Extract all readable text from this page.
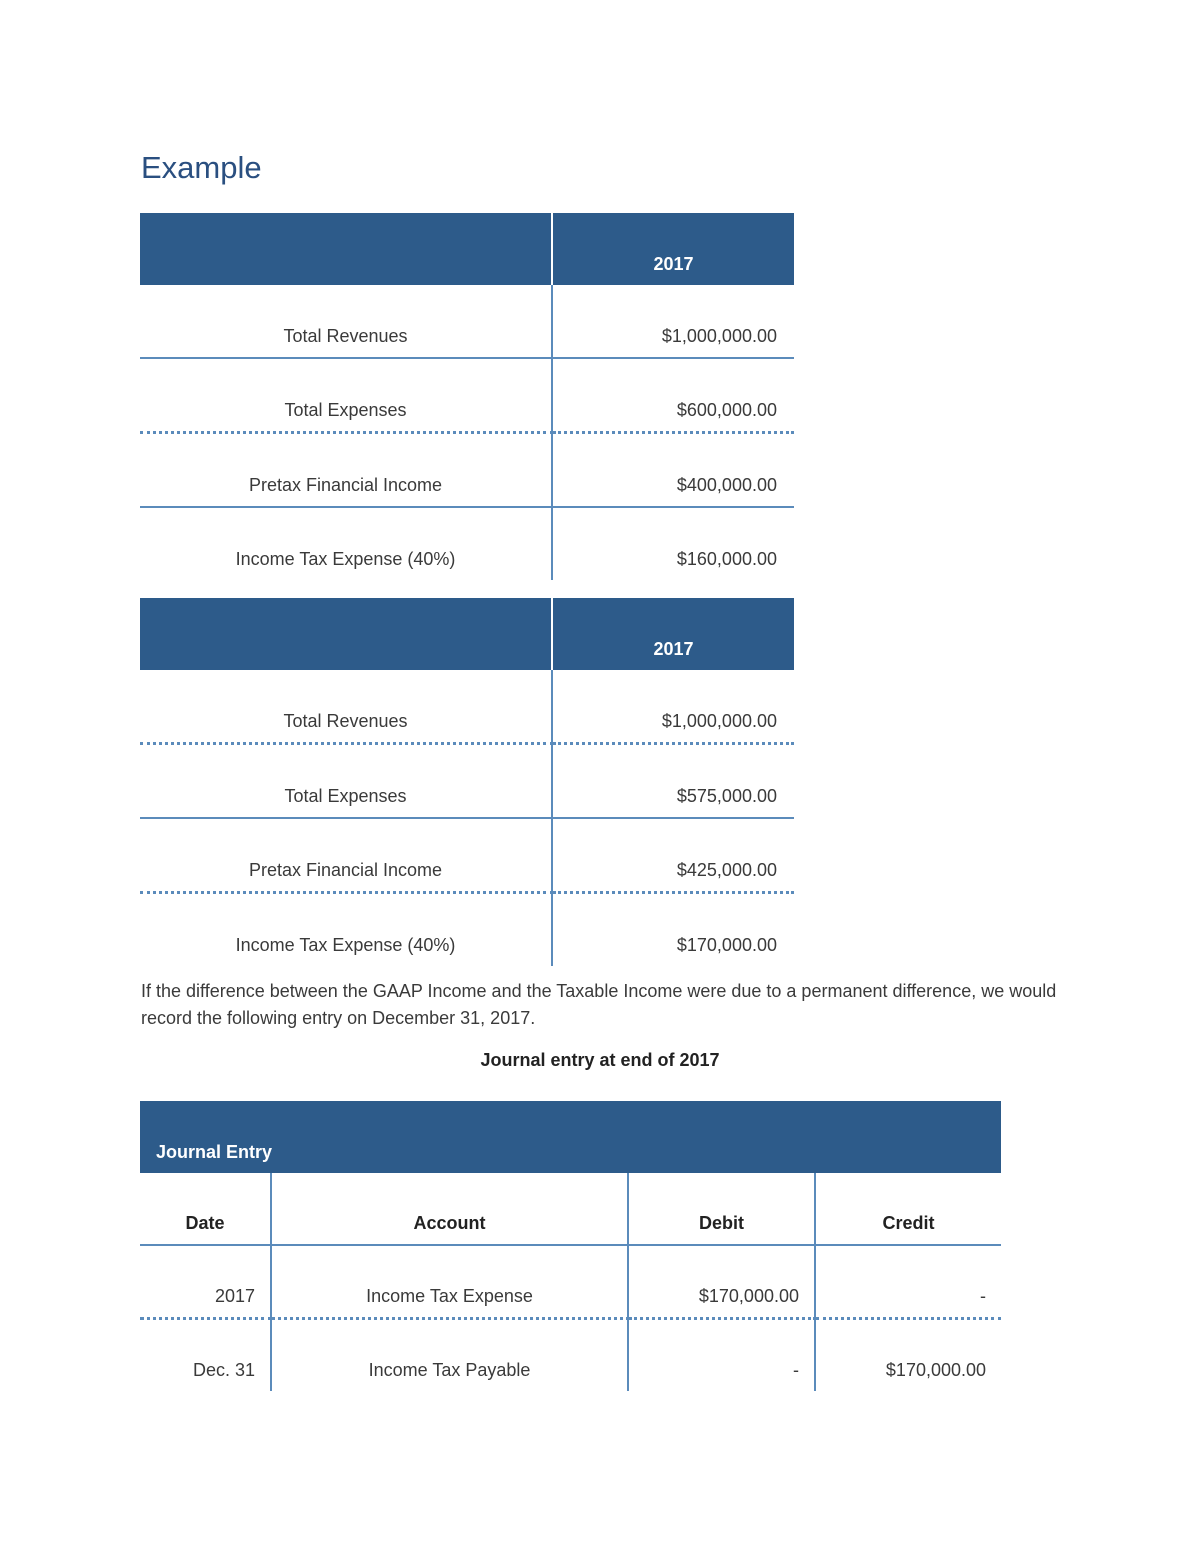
Example

	2017

Total Revenues	$1,000,000.00

Total Expenses	$600,000.00

Pretax Financial Income	$400,000.00

Income Tax Expense (40%)	$160,000.00

	2017

Total Revenues	$1,000,000.00

Total Expenses	$575,000.00

Pretax Financial Income	$425,000.00

Income Tax Expense (40%)	$170,000.00

If the difference between the GAAP Income and the Taxable Income were due to a permanent difference, we would record the following entry on December 31, 2017.

Journal entry at end of 2017

Journal Entry			
Date	Account	Debit	Credit
2017	Income Tax Expense	$170,000.00	-
Dec. 31	Income Tax Payable	-	$170,000.00
